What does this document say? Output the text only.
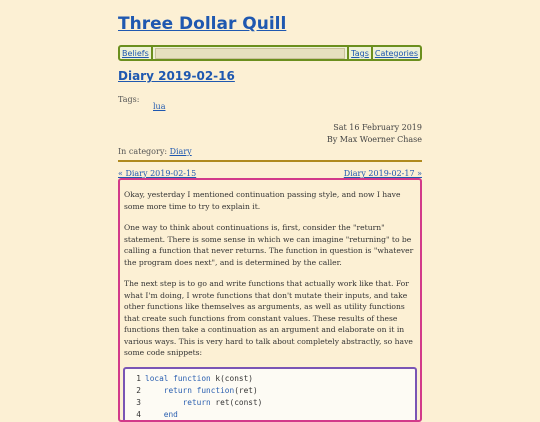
Three Dollar Quill
Beliefs	Tags Categories
Diary 2019-02-16
Tags:
lua
Sat 16 February 2019
By Max Woerner Chase
In category: Diary
« Diary 2019-02-15	Diary 2019-02-17 »

Okay, yesterday I mentioned continuation passing style, and now I have some more time to try to explain it.

One way to think about continuations is, first, consider the "return" statement. There is some sense in which we can imagine "returning" to be calling a function that never returns. The function in question is "whatever the program does next", and is determined by the caller.

The next step is to go and write functions that actually work like that. For what I'm doing, I wrote functions that don't mutate their inputs, and take other functions like themselves as arguments, as well as utility functions that create such functions from constant values. These results of these functions then take a continuation as an argument and elaborate on it in various ways. This is very hard to talk about completely abstractly, so have some code snippets:

1 local function k(const)
2
	return function (ret)
3
	return ret(const)
4
	end
